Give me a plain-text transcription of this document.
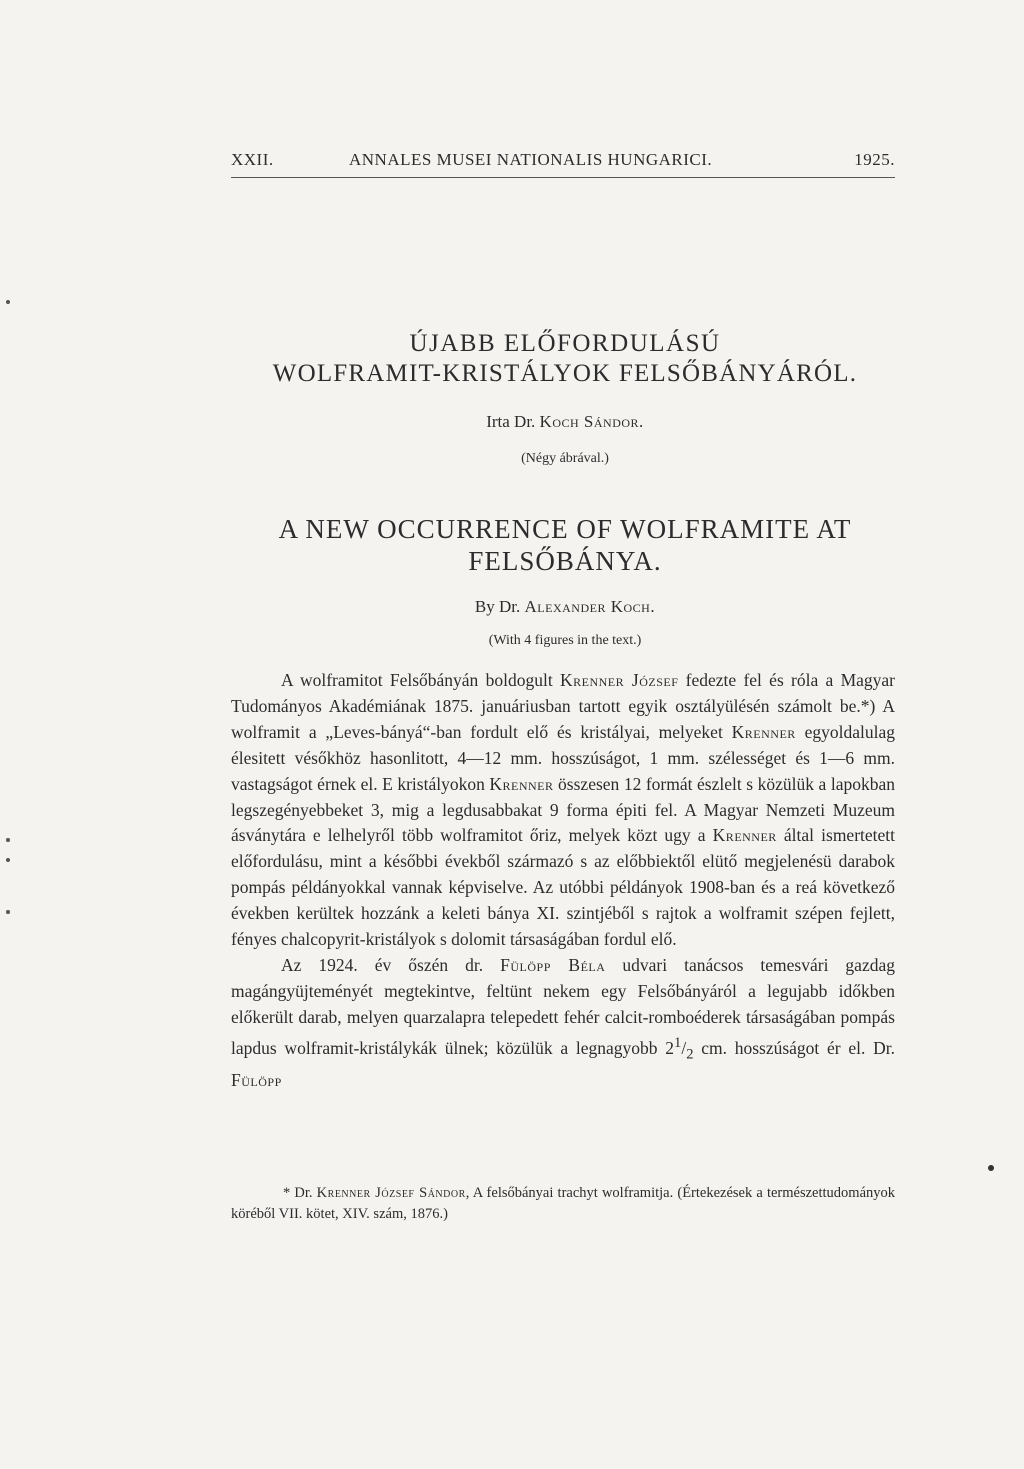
XXII.	ANNALES MUSEI NATIONALIS HUNGARICI.	1925.
ÚJABB ELŐFORDULÁSÚ
WOLFRAMIT-KRISTÁLYOK FELSŐBÁNYÁRÓL.
Irta Dr. Koch Sándor.
(Négy ábrával.)
A NEW OCCURRENCE OF WOLFRAMITE AT
FELSŐBÁNYA.
By Dr. Alexander Koch.
(With 4 figures in the text.)

A wolframitot Felsőbányán boldogult Krenner József fedezte fel és róla a Magyar Tudományos Akadémiának 1875. januáriusban tartott egyik osztályülésén számolt be.*) A wolframit a „Leves-bányá“-ban fordult elő és kristályai, melyeket Krenner egyoldalulag élesitett vésőkhöz hasonlitott, 4—12 mm. hosszúságot, 1 mm. szélességet és 1—6 mm. vastagságot érnek el. E kristályokon Krenner összesen 12 formát észlelt s közülük a lapokban legszegényebbeket 3, mig a legdusabbakat 9 forma épiti fel. A Magyar Nemzeti Muzeum ásványtára e lelhelyről több wolframitot őriz, melyek közt ugy a Krenner által ismertetett előfordulásu, mint a későbbi évekből származó s az előbbiektől elütő megjelenésü darabok pompás példányokkal vannak képviselve. Az utóbbi példányok 1908-ban és a reá következő években kerültek hozzánk a keleti bánya XI. szintjéből s rajtok a wolframit szépen fejlett, fényes chalcopyrit-kristályok s dolomit társaságában fordul elő.

Az 1924. év őszén dr. Fülöpp Béla udvari tanácsos temesvári gazdag magángyüjteményét megtekintve, feltünt nekem egy Felsőbányáról a legujabb időkben előkerült darab, melyen quarzalapra telepedett fehér calcit-romboéderek társaságában pompás lapdus wolframit-kristálykák ülnek; közülük a legnagyobb $2^1/_2$ cm. hosszúságot ér el. Dr. Fülöpp

* Dr. Krenner József Sándor, A felsőbányai trachyt wolframitja. (Értekezések a természettudományok köréből VII. kötet, XIV. szám, 1876.)
